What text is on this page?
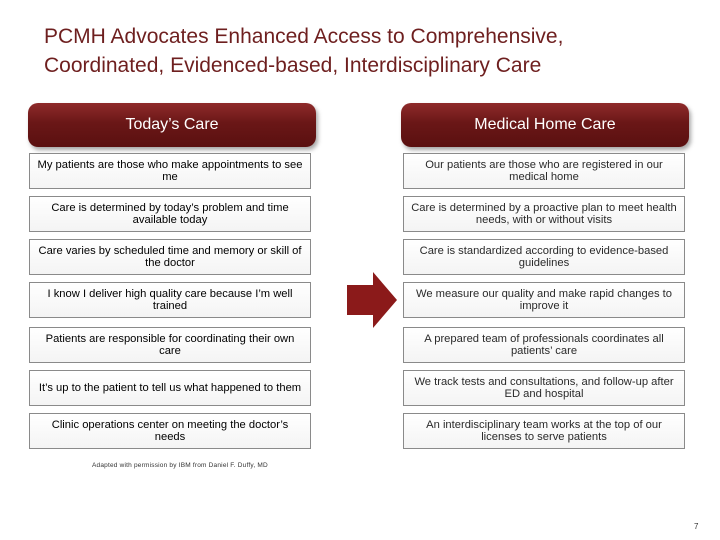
PCMH Advocates Enhanced Access to Comprehensive,
Coordinated, Evidenced-based, Interdisciplinary Care
Today’s Care	Medical Home Care
My patients are those who make appointments to see me
Our patients are those who are registered in our medical home
Care is determined by today’s problem and time available today
Care is determined by a proactive plan to meet health needs, with or without visits
Care varies by scheduled time and memory or skill of the doctor
Care is standardized according to evidence-based guidelines
I know I deliver high quality care because I’m well trained
We measure our quality and make rapid changes to improve it
Patients are responsible for coordinating their own care
A prepared team of professionals coordinates all patients’ care
It’s up to the patient to tell us what happened to them
We track tests and consultations, and follow-up after ED and hospital
Clinic operations center on meeting the doctor’s needs
An interdisciplinary team works at the top of our licenses to serve patients
Adapted with permission by IBM from Daniel F. Duffy, MD
7
